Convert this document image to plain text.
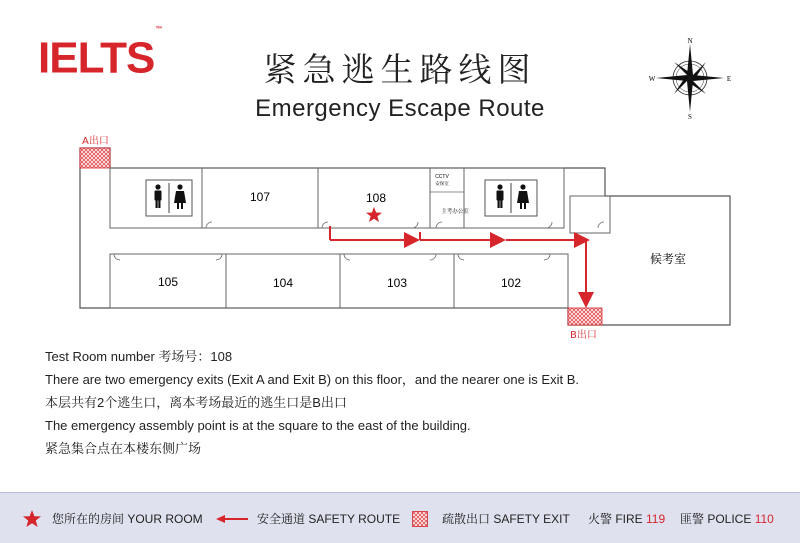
IELTS™
紧急逃生路线图
Emergency Escape Route
N
S
E
W
A出口
107	108
105	104	103	102
候考室
CCTV
安保室
主考办公室
B出口
Test Room number 考场号：108
There are two emergency exits (Exit A and Exit B) on this floor，and the nearer one is Exit B.
本层共有2个逃生口，离本考场最近的逃生口是B出口
The emergency assembly point is at the square to the east of the building.
紧急集合点在本楼东侧广场
您所在的房间 YOUR ROOM	安全通道 SAFETY ROUTE	疏散出口 SAFETY EXIT 火警 FIRE 119 匪警 POLICE 110
